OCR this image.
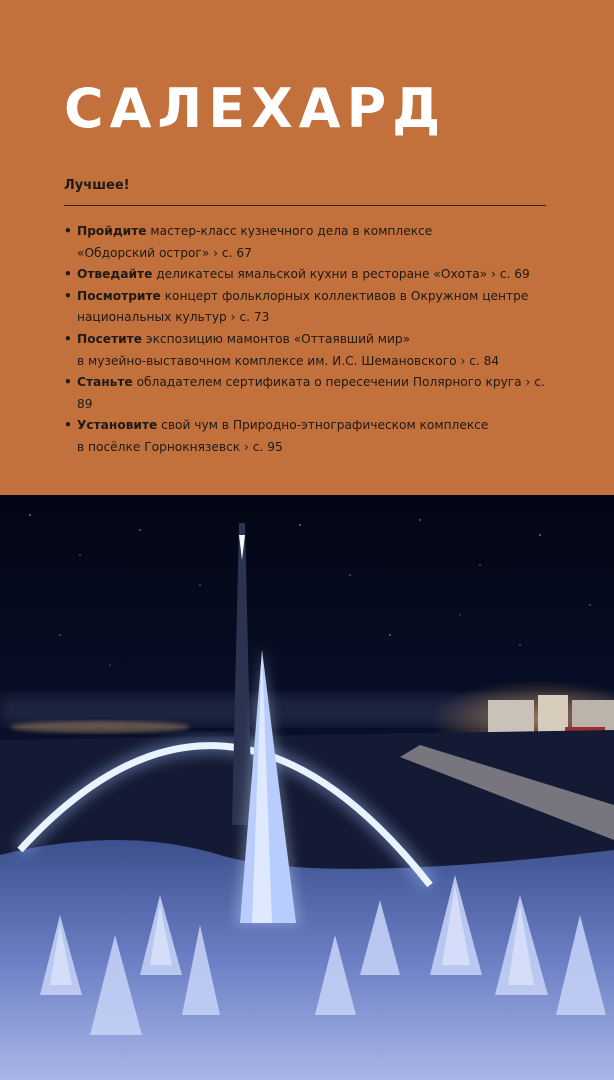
САЛЕХАРД
Лучшее!
• Пройдите мастер-класс кузнечного дела в комплексе
«Обдорский острог» › с. 67
• Отведайте деликатесы ямальской кухни в ресторане «Охота» › с. 69
• Посмотрите концерт фольклорных коллективов в Окружном центре
национальных культур › с. 73
• Посетите экспозицию мамонтов «Оттаявший мир»
в музейно-выставочном комплексе им. И.С. Шемановского › с. 84
• Станьте обладателем сертификата о пересечении Полярного круга › с. 89
• Установите свой чум в Природно-этнографическом комплексе
в посёлке Горнокнязевск › с. 95
